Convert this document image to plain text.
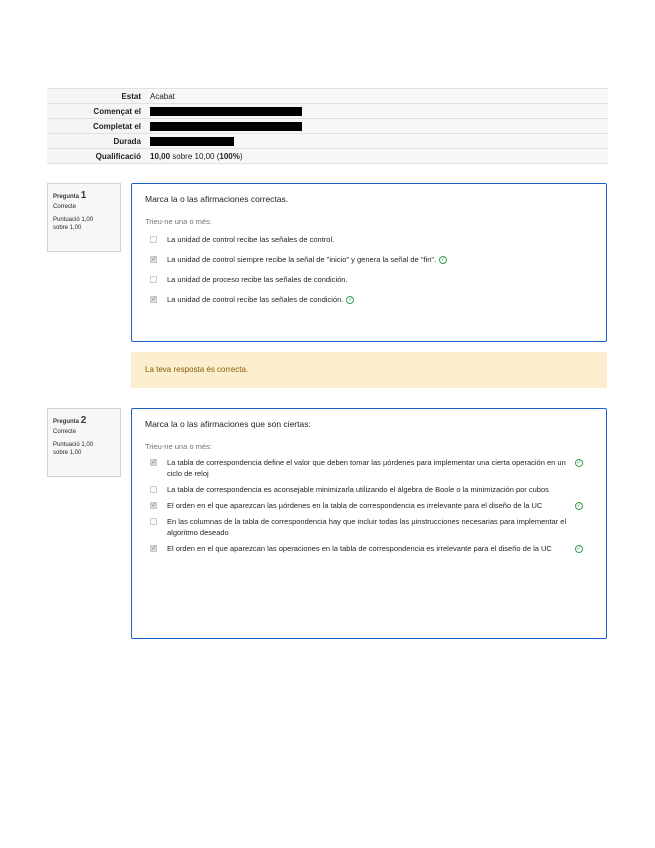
Estat	Acabat
Començat el	
Completat el	
Durada	
Qualificació	10,00 sobre 10,00 (100%)
Pregunta 1
Correcte
Puntuació 1,00
sobre 1,00
Marca la o las afirmaciones correctas.
Trieu-ne una o més:
La unidad de control recibe las señales de control.
✓
La unidad de control siempre recibe la señal de "inicio" y genera la señal de "fin". ✓
La unidad de proceso recibe las señales de condición.
✓
La unidad de control recibe las señales de condición. ✓
La teva resposta és correcta.
Pregunta 2
Correcte
Puntuació 1,00
sobre 1,00
Marca la o las afirmaciones que son ciertas:
Trieu-ne una o més:
✓
La tabla de correspondencia define el valor que deben tomar las µórdenes para implementar una cierta operación en un ciclo de reloj
✓
La tabla de correspondencia es aconsejable minimizarla utilizando el álgebra de Boole o la minimización por cubos
✓
El orden en el que aparezcan las µórdenes en la tabla de correspondencia es irrelevante para el diseño de la UC	✓
En las columnas de la tabla de correspondencia hay que incluir todas las µinstrucciones necesarias para implementar el algoritmo deseado
✓
El orden en el que aparezcan las operaciones en la tabla de correspondencia es irrelevante para el diseño de la UC	✓
